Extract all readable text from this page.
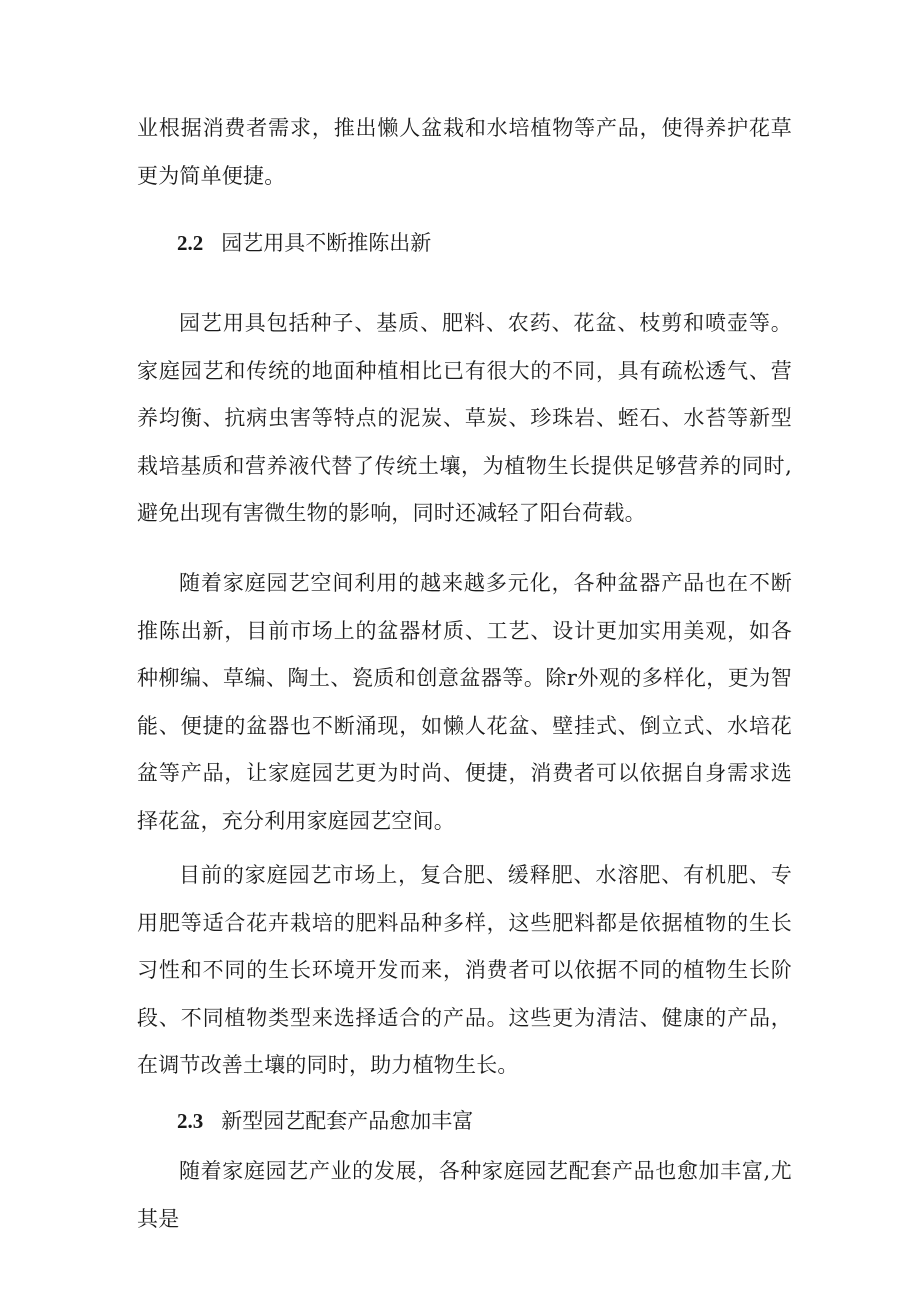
业根据消费者需求，推出懒人盆栽和水培植物等产品，使得养护花草更为简单便捷。

2.2 园艺用具不断推陈出新

园艺用具包括种子、基质、肥料、农药、花盆、枝剪和喷壶等。家庭园艺和传统的地面种植相比已有很大的不同，具有疏松透气、营养均衡、抗病虫害等特点的泥炭、草炭、珍珠岩、蛭石、水苔等新型栽培基质和营养液代替了传统土壤，为植物生长提供足够营养的同时,避免出现有害微生物的影响，同时还减轻了阳台荷载。

随着家庭园艺空间利用的越来越多元化，各种盆器产品也在不断推陈出新，目前市场上的盆器材质、工艺、设计更加实用美观，如各种柳编、草编、陶土、瓷质和创意盆器等。除r外观的多样化，更为智能、便捷的盆器也不断涌现，如懒人花盆、壁挂式、倒立式、水培花盆等产品，让家庭园艺更为时尚、便捷，消费者可以依据自身需求选择花盆，充分利用家庭园艺空间。

目前的家庭园艺市场上，复合肥、缓释肥、水溶肥、有机肥、专用肥等适合花卉栽培的肥料品种多样，这些肥料都是依据植物的生长习性和不同的生长环境开发而来，消费者可以依据不同的植物生长阶段、不同植物类型来选择适合的产品。这些更为清洁、健康的产品，在调节改善土壤的同时，助力植物生长。

2.3 新型园艺配套产品愈加丰富

随着家庭园艺产业的发展，各种家庭园艺配套产品也愈加丰富,尤其是
